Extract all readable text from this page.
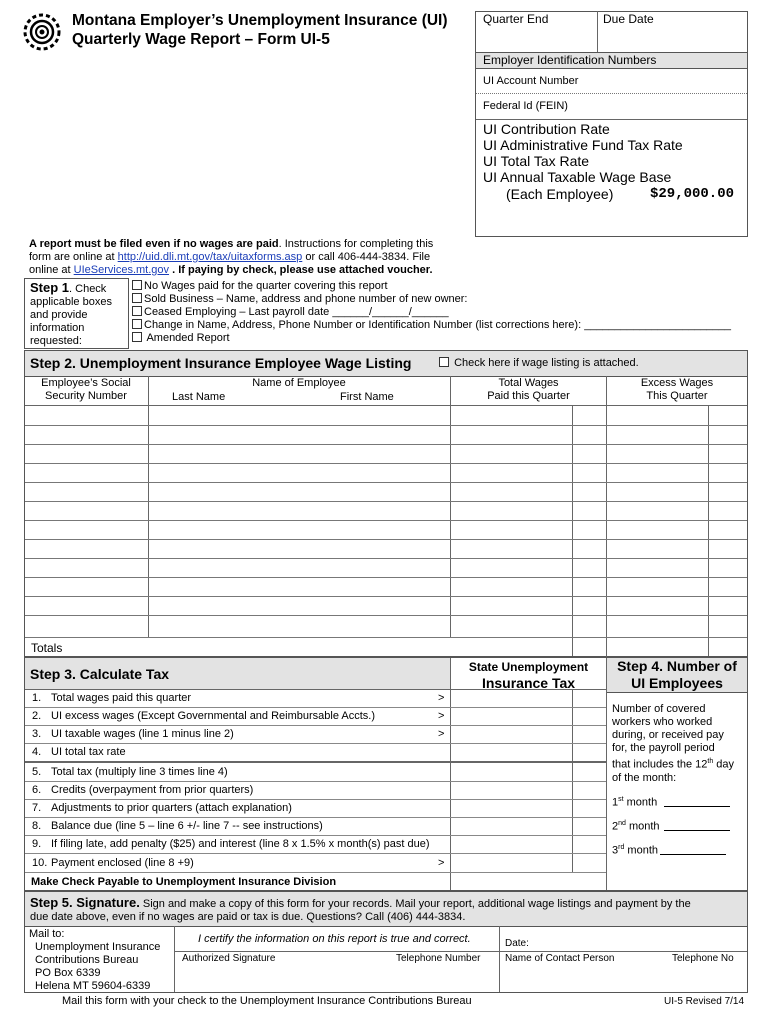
Montana Employer’s Unemployment Insurance (UI)
Quarterly Wage Report – Form UI-5
Quarter End	Due Date
Employer Identification Numbers
UI Account Number
Federal Id (FEIN)
UI Contribution Rate
UI Administrative Fund Tax Rate
UI Total Tax Rate
UI Annual Taxable Wage Base
(Each Employee)	$29,000.00
A report must be filed even if no wages are paid. Instructions for completing this
form are online at http://uid.dli.mt.gov/tax/uitaxforms.asp or call 406-444-3834. File
online at UIeServices.mt.gov . If paying by check, please use attached voucher.
Step 1. Check
applicable boxes
and provide
information
requested:
No Wages paid for the quarter covering this report
Sold Business – Name, address and phone number of new owner:
Ceased Employing – Last payroll date ______/______/______
Change in Name, Address, Phone Number or Identification Number (list corrections here): ________________________
Amended Report
Step 2. Unemployment Insurance Employee Wage Listing	Check here if wage listing is attached.
Employee’s Social
Security Number
Name of Employee
Last Name	First Name
Total Wages
Paid this Quarter
Excess Wages
This Quarter
Totals
Step 3. Calculate Tax	State Unemployment
Insurance Tax
Step 4. Number of
UI Employees
Number of covered
workers who worked
during, or received pay
for, the payroll period
that includes the 12th day
of the month:
1st month
2nd month
3rd month
1. Total wages paid this quarter	>
2. UI excess wages (Except Governmental and Reimbursable Accts.)	>
3. UI taxable wages (line 1 minus line 2)	>
4. UI total tax rate
5. Total tax (multiply line 3 times line 4)
6. Credits (overpayment from prior quarters)
7. Adjustments to prior quarters (attach explanation)
8. Balance due (line 5 – line 6 +/- line 7 -- see instructions)
9. If filing late, add penalty ($25) and interest (line 8 x 1.5% x month(s) past due)
10. Payment enclosed (line 8 +9)	>
Make Check Payable to Unemployment Insurance Division
Step 5. Signature. Sign and make a copy of this form for your records. Mail your report, additional wage listings and payment by the
due date above, even if no wages are paid or tax is due. Questions? Call (406) 444-3834.
Mail to:
Unemployment Insurance
Contributions Bureau
PO Box 6339
Helena MT 59604-6339
I certify the information on this report is true and correct.
Authorized Signature	Telephone Number
Date:
Name of Contact Person	Telephone No
Mail this form with your check to the Unemployment Insurance Contributions Bureau	UI-5 Revised 7/14
